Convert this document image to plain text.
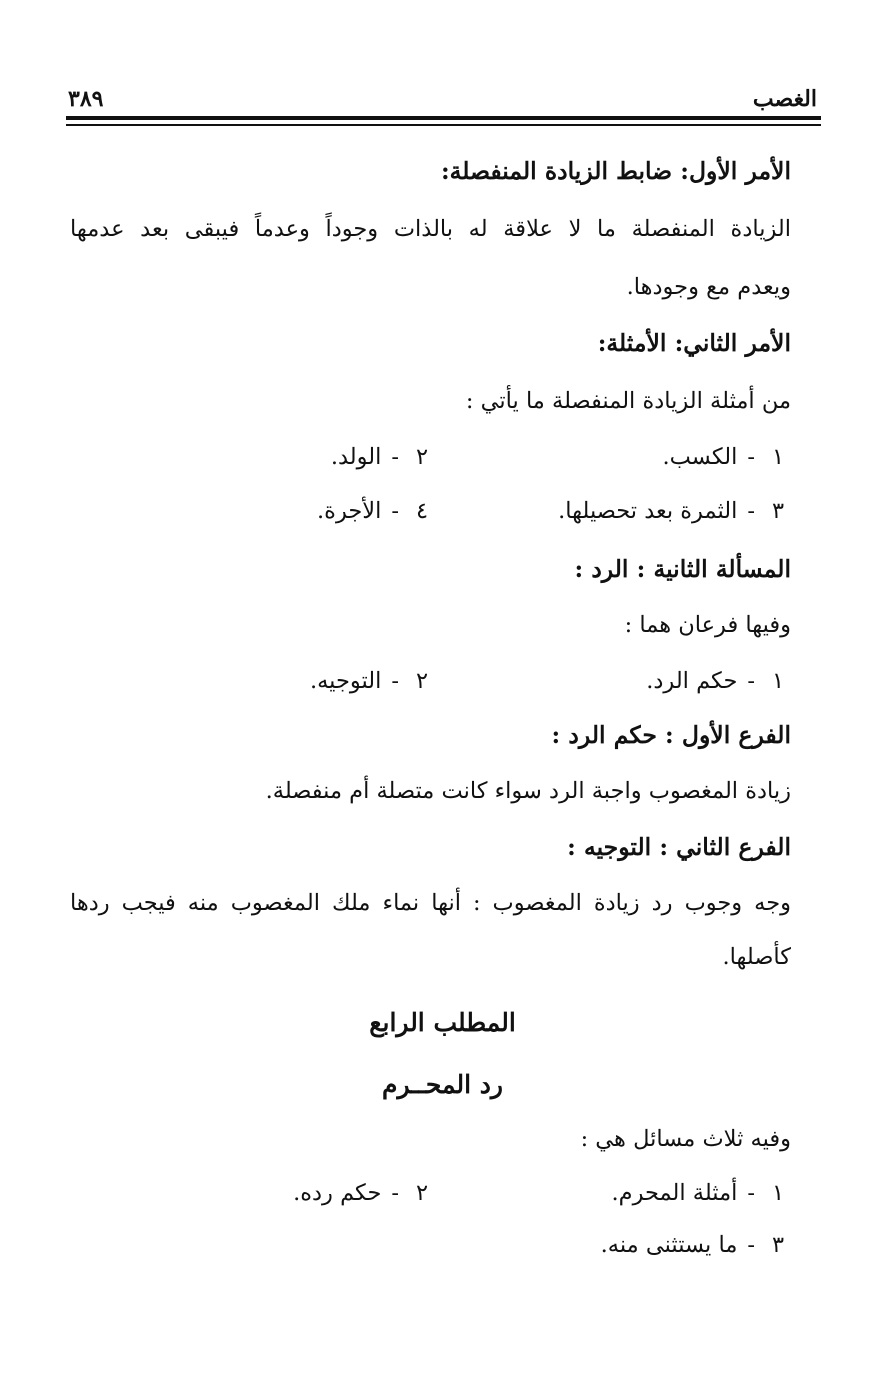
الغصب
٣٨٩
الأمر الأول: ضابط الزيادة المنفصلة:
الزيادة المنفصلة ما لا علاقة له بالذات وجوداً وعدماً فيبقى بعد عدمها
ويعدم مع وجودها.
الأمر الثاني: الأمثلة:
من أمثلة الزيادة المنفصلة ما يأتي :
١-الكسب.
٢-الولد.
٣-الثمرة بعد تحصيلها.
٤-الأجرة.
المسألة الثانية : الرد :
وفيها فرعان هما :
١-حكم الرد.
٢-التوجيه.
الفرع الأول : حكم الرد :
زيادة المغصوب واجبة الرد سواء كانت متصلة أم منفصلة.
الفرع الثاني : التوجيه :
وجه وجوب رد زيادة المغصوب : أنها نماء ملك المغصوب منه فيجب ردها
كأصلها.
المطلب الرابع
رد المحــرم
وفيه ثلاث مسائل هي :
١-أمثلة المحرم.
٢-حكم رده.
٣-ما يستثنى منه.
